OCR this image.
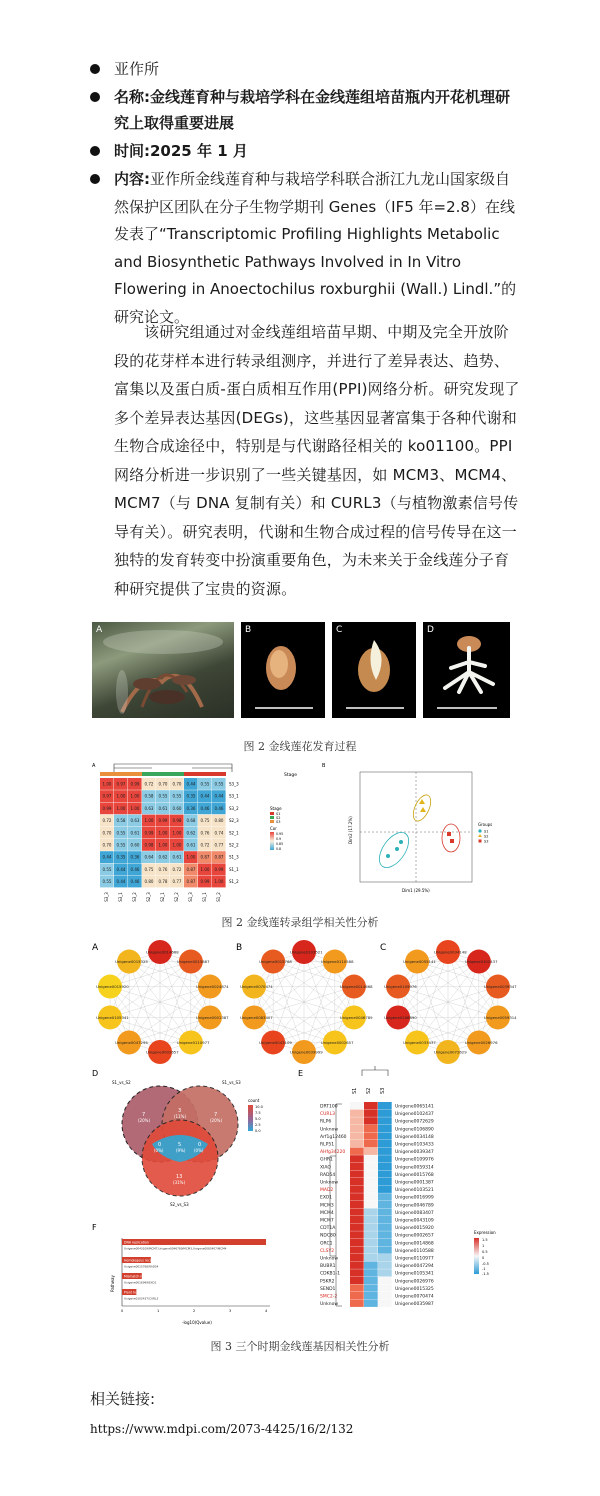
亚作所
名称:金线莲育种与栽培学科在金线莲组培苗瓶内开花机理研究上取得重要进展
时间:2025 年 1 月
内容:亚作所金线莲育种与栽培学科联合浙江九龙山国家级自然保护区团队在分子生物学期刊 Genes（IF5 年=2.8）在线发表了“Transcriptomic Profiling Highlights Metabolic and Biosynthetic Pathways Involved in In Vitro Flowering in Anoectochilus roxburghii (Wall.) Lindl.”的研究论文。

该研究组通过对金线莲组培苗早期、中期及完全开放阶段的花芽样本进行转录组测序，并进行了差异表达、趋势、富集以及蛋白质-蛋白质相互作用(PPI)网络分析。研究发现了多个差异表达基因(DEGs)，这些基因显著富集于各种代谢和生物合成途径中，特别是与代谢路径相关的 ko01100。PPI 网络分析进一步识别了一些关键基因，如 MCM3、MCM4、MCM7（与 DNA 复制有关）和 CURL3（与植物激素信号传导有关）。研究表明，代谢和生物合成过程的信号传导在这一独特的发育转变中扮演重要角色，为未来关于金线莲分子育种研究提供了宝贵的资源。

A	B	C	D
图 2 金线莲花发育过程
A	B
Stage
1.00 0.97 0.99 0.72 0.70 0.70 0.44 0.55 0.55 S3_3
0.97 1.00 1.00 0.58 0.55 0.55 0.35 0.44 0.44 S3_1
0.99 1.00 1.00 0.63 0.61 0.60 0.36 0.46 0.46 S3_2
0.72 0.58 0.63 1.00 0.99 0.98 0.68 0.75 0.80 S2_3
0.70 0.55 0.61 0.99 1.00 1.00 0.62 0.76 0.74 S2_1
0.70 0.55 0.60 0.98 1.00 1.00 0.61 0.72 0.77 S2_2
0.44 0.35 0.36 0.64 0.62 0.61 1.00 0.87 0.87 S1_3
0.55 0.44 0.46 0.75 0.76 0.72 0.87 1.00 0.99 S1_1
0.55 0.44 0.46 0.80 0.78 0.77 0.87 0.99 1.00 S1_2
S3_3 S3_1 S3_2 S2_3 S2_1 S2_2 S1_3 S1_1 S1_2
Stage
S1
S2
S3
Cor
0.95
0.9
0.85
0.8
Dim1 (29.5%)
Dim2 (17.2%)	Groups
S1
S2
S3
图 2 金线莲转录组学相关性分析
A	B	C
Unigene0014668
Unigene0015887
Unigene0024874
Unigene0001387
Unigene0110977
Unigene0002657
Unigene0047294
Unigene0105341
Unigene0015920
Unigene0015325
Unigene0103521
Unigene0110588
Unigene0014668
Unigene0046789
Unigene0002657
Unigene0039999
Unigene0043109
Unigene0083407
Unigene0070474
Unigene0015768
Unigene0034148
Unigene0102437
Unigene0039347
Unigene0059314
Unigene0026976
Unigene0072629
Unigene0033437
Unigene0106890
Unigene0109976
Unigene0055141
D	E
F
S1_vs_S2	S1_vs_S3
7
(20%)
3
(11%)	7
(20%)
5
(9%)
0
(0%)
0
(0%)
13
(31%)
S2_vs_S3
count
10.0
7.5
5.0
2.5
0.0
S1 S2 S3
DRT100	Unigene0065141
CURL3	Unigene0102437
RLP6	Unigene0072629
Unknow	Unigene0106890
Arf1g12460	Unigene0034148
RLP51	Unigene0103433
AHfg34220	Unigene0039347
GHR1	Unigene0109976
XIAO	Unigene0059314
RAD54	Unigene0015768
Unknow	Unigene0001387
MAD2	Unigene0103521
EXO1	Unigene0016999
MCM3	Unigene0046789
MCM4	Unigene0083407
MCM7	Unigene0043109
CDT1A	Unigene0015920
NDC80	Unigene0002657
ORC1	Unigene0014868
CLSY2	Unigene0110588
Unknow	Unigene0110977
BUBR1	Unigene0047294
CDKB1-1	Unigene0105341
PSKR2	Unigene0026976
SEND1	Unigene0015325
SMC2-2	Unigene0070474
Unknow	Unigene0035987
Expression
1.5
1
0.5
0
-0.5
-1
-1.5
Pathway
-log10(Qvalue)
DNA replication
Unigene0043109/MCM7,Unigene0046789/MCM3,Unigene0083407/MCM4
Homologous recombination
Unigene0015768/RAD54
Mismatch repair
Unigene0016999/EXO1
Plant hormone signal transduction
Unigene0102437/CURL3
0	1	2	3	4
图 3 三个时期金线莲基因相关性分析
相关链接:
https://www.mdpi.com/2073-4425/16/2/132
